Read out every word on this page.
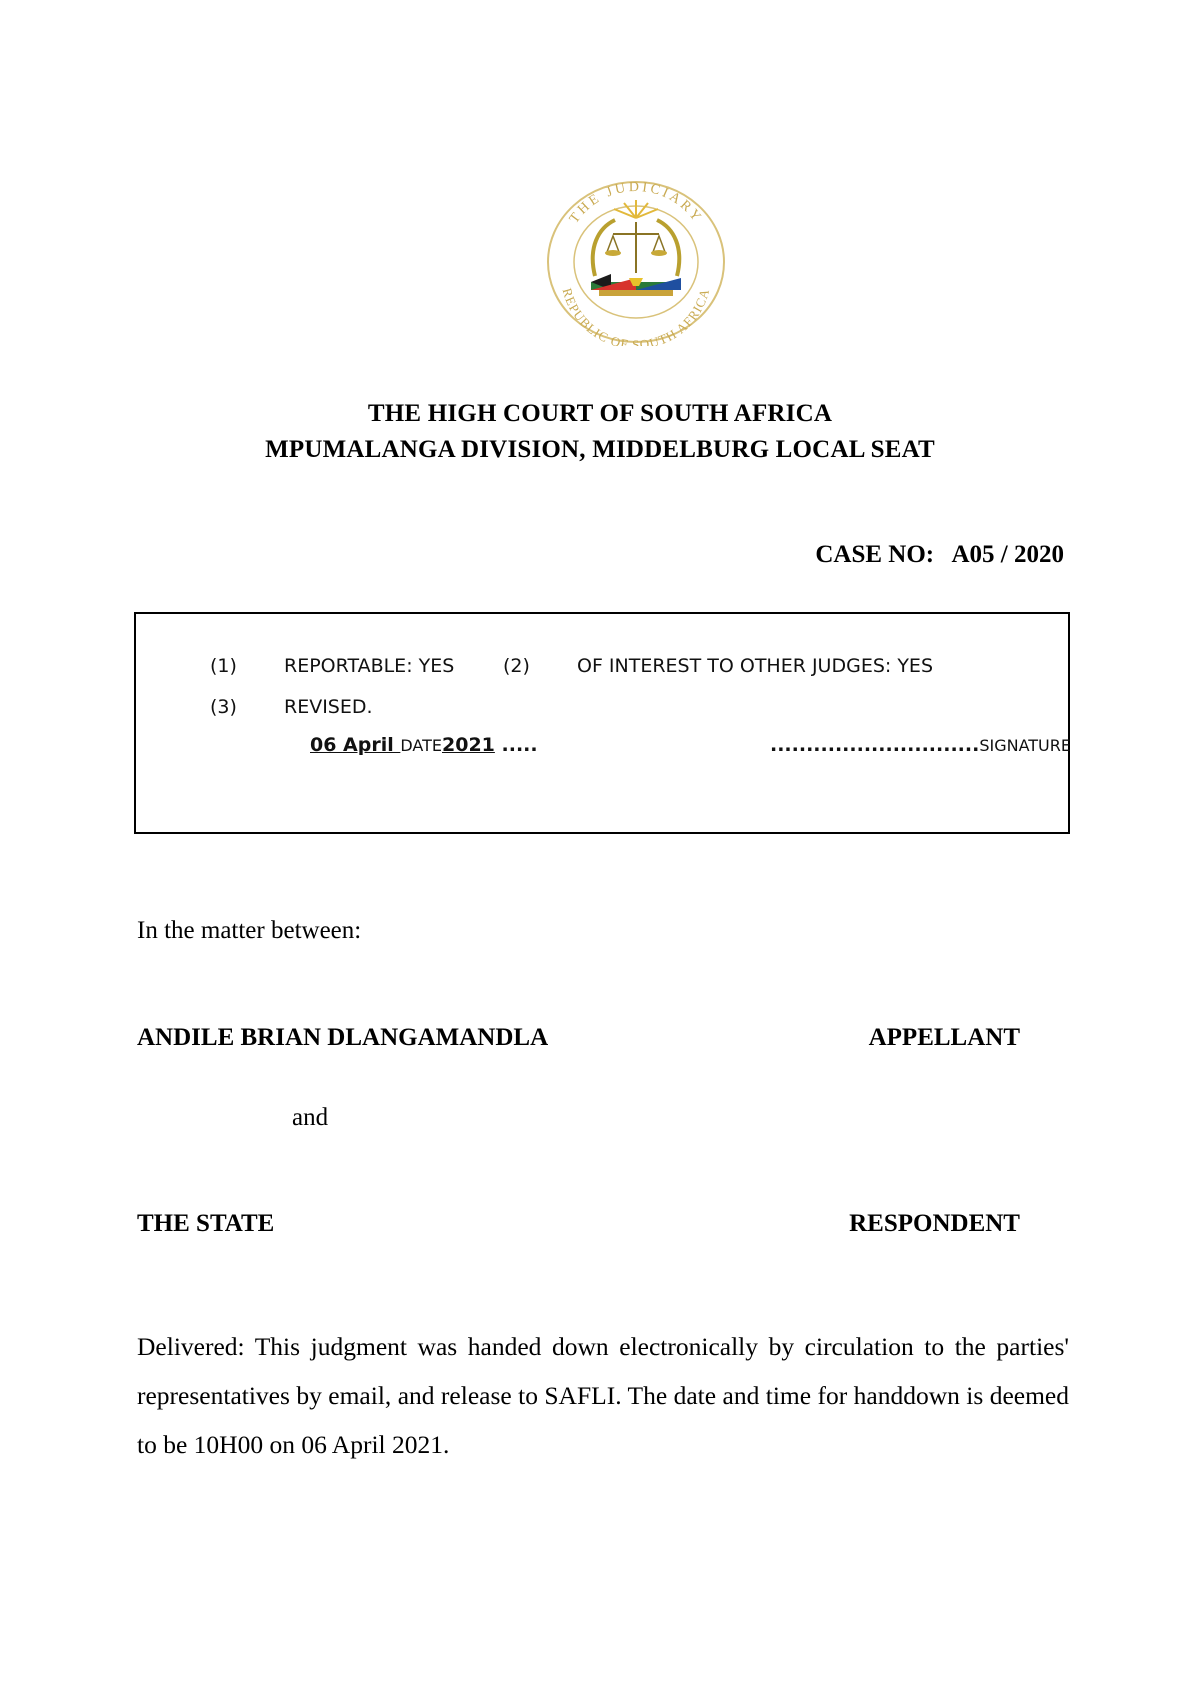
THE JUDICIARY
REPUBLIC OF SOUTH AFRICA
THE HIGH COURT OF SOUTH AFRICA
MPUMALANGA DIVISION, MIDDELBURG LOCAL SEAT
CASE NO: A05 / 2020
(1) REPORTABLE: YES	(2) OF INTEREST TO OTHER JUDGES: YES
(3) REVISED.
06 April DATE2021 .....	.............................SIGNATURE
In the matter between:
ANDILE BRIAN DLANGAMANDLA	APPELLANT
and
THE STATE	RESPONDENT
Delivered: This judgment was handed down electronically by circulation to the parties' representatives by email, and release to SAFLI. The date and time for handdown is deemed to be 10H00 on 06 April 2021.
